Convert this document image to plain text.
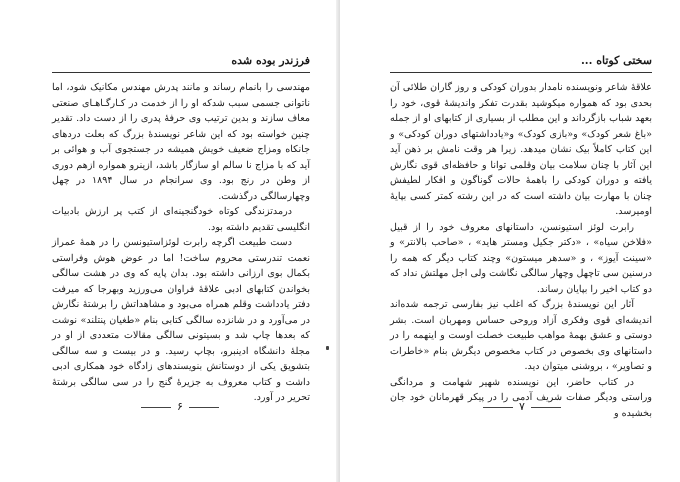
فرزندر بوده شده

مهندسی را بانمام رساند و مانند پدرش مهندس مکانیک شود، اما ناتوانی جسمی سبب شدکه او را از خدمت در کـارگـاهـای صنعتی معاف سازند و بدین ترتیب وی حرفهٔ پدری را از دست داد. تقدیر چنین خواسته بود که این شاعر نویسندهٔ بزرگ که بعلت دردهای جانکاه ومزاج ضعیف خویش همیشه در جستجوی آب و هوائی بر آید که با مزاج نا سالم او سازگار باشد، ازینرو همواره ازهم دوری از وطن در رنج بود. وی سرانجام در سال ۱۸۹۴ در چهل وچهارسالگی درگذشت.

درمدتزندگی کوتاه خودگنجینه‌ای از کتب پر ارزش بادبیات انگلیسی تقدیم داشته بود.

دست طبیعت اگرچه رابرت لوئزاستیونسن را در همهٔ عمراز نعمت تندرستی محروم ساخت! اما در عوض هوش وفراستی بکمال بوی ارزانی داشته بود. بدان پایه که وی در هشت سالگی بخواندن کتابهای ادبی علاقهٔ فراوان می‌ورزید وبهرجا که میرفت دفتر یادداشت وقلم همراه می‌بود و مشاهداتش را برشتهٔ نگارش در می‌آورد و در شانزده سالگی کتابی بنام «طغیان پنتلند» نوشت که بعدها چاپ شد و بسیتونی سالگی مقالات متعددی از او در مجلهٔ دانشگاه ادینبرو، بچاپ رسید. و در بیست و سه سالگی بتشویق یکی از دوستانش بنویسندهای زادگاه خود همکاری ادبی داشت و کتاب معروف به جزیرهٔ گنج را در سی سالگی برشتهٔ تحریر در آورد.

۶
سختی کوتاه ...

علاقهٔ شاعر ونویسنده نامدار بدوران کودکی و روز گاران طلائی آن بحدی بود که همواره میکوشید بقدرت تفکر واندیشهٔ قوی، خود را بعهد شباب بازگرداند و این مطلب از بسیاری از کتابهای او از جمله «باغ شعر کودک» و«بازی کودک» و«یادداشتهای دوران کودکی» و این کتاب کاملاً بیک نشان میدهد. زیرا هر وقت نامش بر ذهن آید این آثار با چنان سلامت بیان وقلمی توانا و حافظه‌ای قوی نگارش یافته و دوران کودکی را باهمهٔ حالات گوناگون و افکار لطیفش چنان با مهارت بیان داشته است که در این رشته کمتر کسی بپایهٔ اومیرسد.

رابرت لوئز استیونسن، داستانهای معروف خود را از قبیل «فلاخن سیاه» ، «دکتر جکیل ومستر هاید» ، «صاحب بالانتر» و «سینت آیوز» ، و «سدهر میستون» وچند کتاب دیگر که همه را درسنین سی تاچهل وچهار سالگی نگاشت ولی اجل مهلتش نداد که دو کتاب اخیر را بپایان رساند.

آثار این نویسندهٔ بزرگ که اغلب نیز بفارسی ترجمه شده‌اند اندیشه‌ای قوی وفکری آزاد وروحی حساس ومهربان است. بشر دوستی و عشق بهمهٔ مواهب طبیعت خصلت اوست و اینهمه را در داستانهای وی بخصوص در کتاب مخصوص دیگرش بنام «خاطرات و تصاویر» ، بروشنی میتوان دید.

در کتاب حاضر، این نویسنده شهیر شهامت و مردانگی وراستی ودیگر صفات شریف آدمی را در پیکر قهرمانان خود جان بخشیده و

۷
